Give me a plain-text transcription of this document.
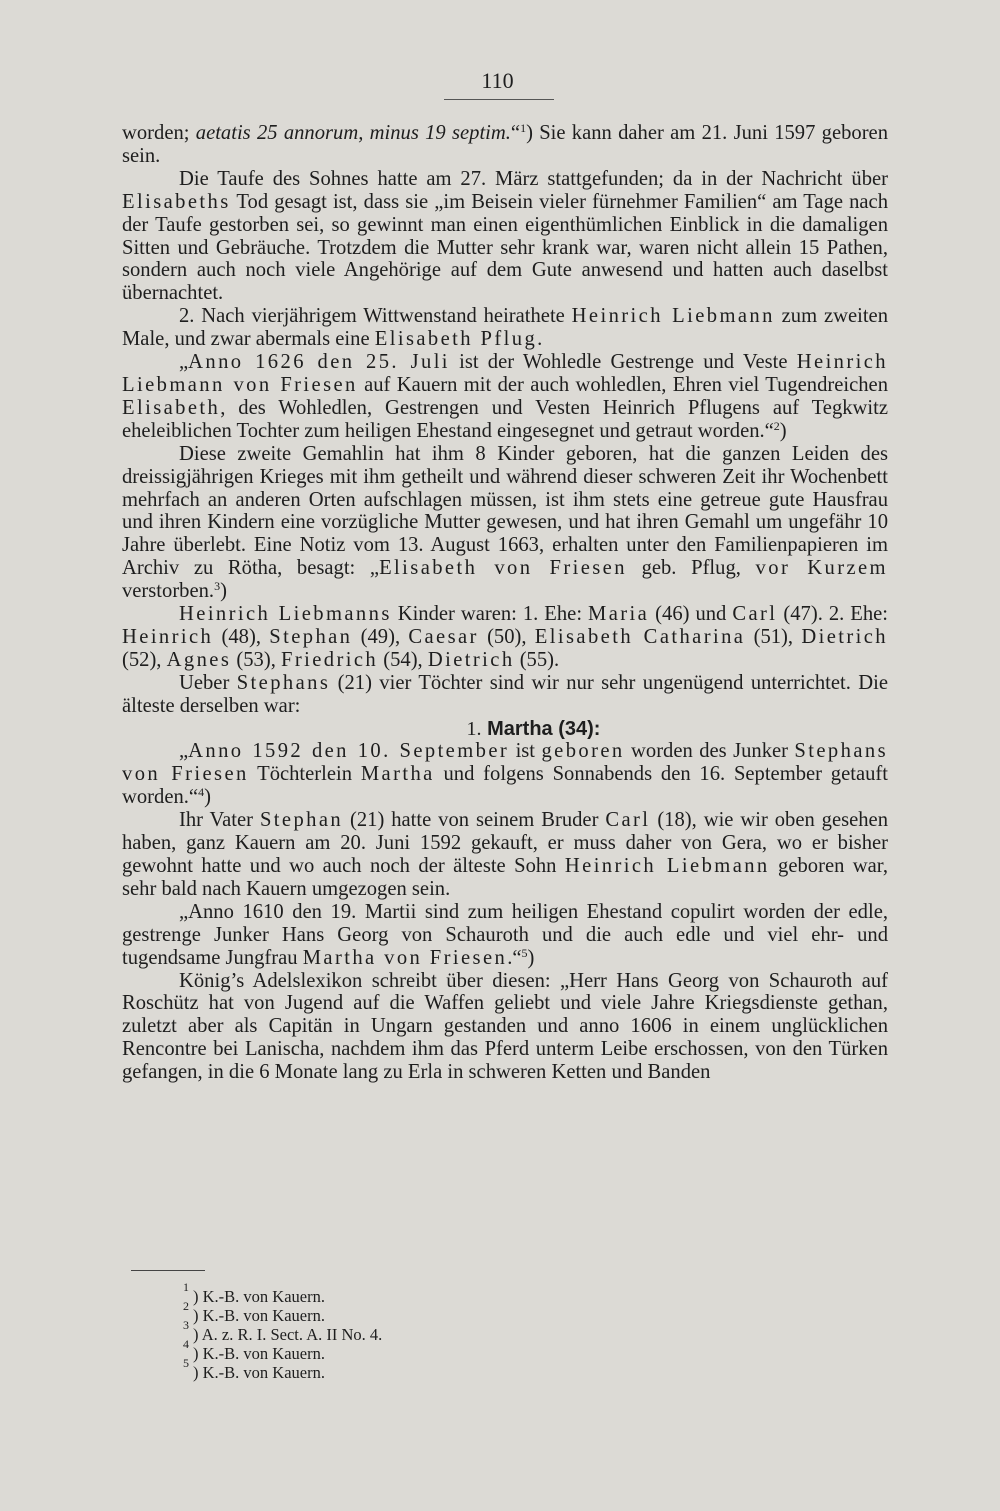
110

worden; aetatis 25 annorum, minus 19 septim.“$^1$) Sie kann daher am 21. Juni 1597 geboren sein.

Die Taufe des Sohnes hatte am 27. März stattgefunden; da in der Nachricht über Elisabeths Tod gesagt ist, dass sie „im Beisein vieler fürnehmer Familien“ am Tage nach der Taufe gestorben sei, so gewinnt man einen eigenthümlichen Einblick in die damaligen Sitten und Gebräuche. Trotzdem die Mutter sehr krank war, waren nicht allein 15 Pathen, sondern auch noch viele Angehörige auf dem Gute anwesend und hatten auch daselbst übernachtet.

2. Nach vierjährigem Wittwenstand heirathete Heinrich Liebmann zum zweiten Male, und zwar abermals eine Elisabeth Pflug.

„Anno 1626 den 25. Juli ist der Wohledle Gestrenge und Veste Heinrich Liebmann von Friesen auf Kauern mit der auch wohledlen, Ehren viel Tugendreichen Elisabeth, des Wohledlen, Gestrengen und Vesten Heinrich Pflugens auf Tegkwitz eheleiblichen Tochter zum heiligen Ehestand eingesegnet und getraut worden.“$^2$)

Diese zweite Gemahlin hat ihm 8 Kinder geboren, hat die ganzen Leiden des dreissigjährigen Krieges mit ihm getheilt und während dieser schweren Zeit ihr Wochenbett mehrfach an anderen Orten aufschlagen müssen, ist ihm stets eine getreue gute Hausfrau und ihren Kindern eine vorzügliche Mutter gewesen, und hat ihren Gemahl um ungefähr 10 Jahre überlebt. Eine Notiz vom 13. August 1663, erhalten unter den Familienpapieren im Archiv zu Rötha, besagt: „Elisabeth von Friesen geb. Pflug, vor Kurzem verstorben.$^3$)

Heinrich Liebmanns Kinder waren: 1. Ehe: Maria (46) und Carl (47). 2. Ehe: Heinrich (48), Stephan (49), Caesar (50), Elisabeth Catharina (51), Dietrich (52), Agnes (53), Friedrich (54), Dietrich (55).

Ueber Stephans (21) vier Töchter sind wir nur sehr ungenügend unterrichtet. Die älteste derselben war:

1. Martha (34):

„Anno 1592 den 10. September ist geboren worden des Junker Stephans von Friesen Töchterlein Martha und folgens Sonnabends den 16. September getauft worden.“$^4$)

Ihr Vater Stephan (21) hatte von seinem Bruder Carl (18), wie wir oben gesehen haben, ganz Kauern am 20. Juni 1592 gekauft, er muss daher von Gera, wo er bisher gewohnt hatte und wo auch noch der älteste Sohn Heinrich Liebmann geboren war, sehr bald nach Kauern umgezogen sein.

„Anno 1610 den 19. Martii sind zum heiligen Ehestand copulirt worden der edle, gestrenge Junker Hans Georg von Schauroth und die auch edle und viel ehr- und tugendsame Jungfrau Martha von Friesen.“$^5$)

König’s Adelslexikon schreibt über diesen: „Herr Hans Georg von Schauroth auf Roschütz hat von Jugend auf die Waffen geliebt und viele Jahre Kriegsdienste gethan, zuletzt aber als Capitän in Ungarn gestanden und anno 1606 in einem unglücklichen Rencontre bei Lanischa, nachdem ihm das Pferd unterm Leibe erschossen, von den Türken gefangen, in die 6 Monate lang zu Erla in schweren Ketten und Banden

1 ) K.-B. von Kauern.
2 ) K.-B. von Kauern.
3 ) A. z. R. I. Sect. A. II No. 4.
4 ) K.-B. von Kauern.
5 ) K.-B. von Kauern.
